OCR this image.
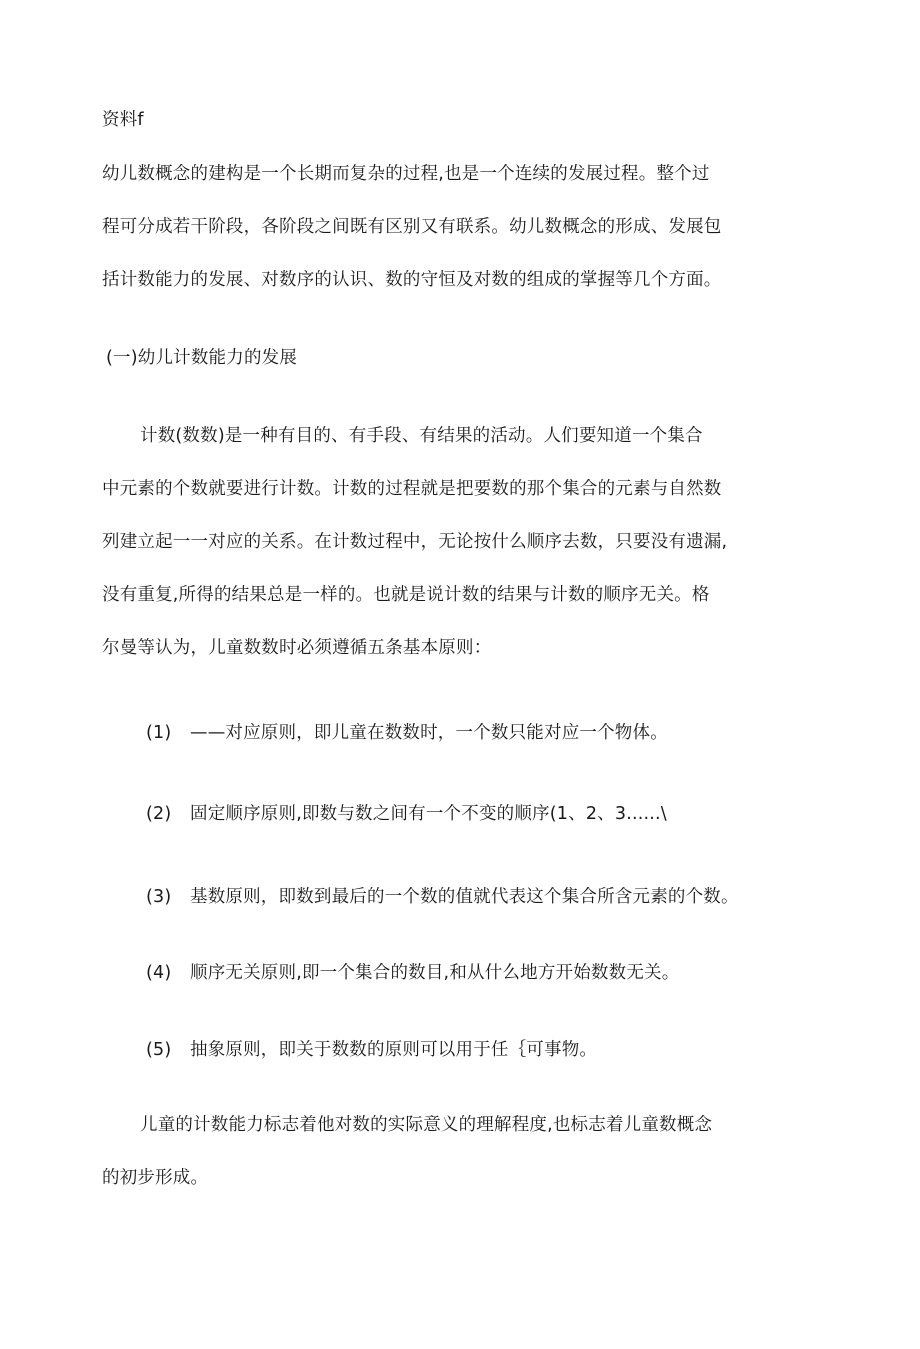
资料f
幼儿数概念的建构是一个长期而复杂的过程,也是一个连续的发展过程。整个过
程可分成若干阶段，各阶段之间既有区别又有联系。幼儿数概念的形成、发展包
括计数能力的发展、对数序的认识、数的守恒及对数的组成的掌握等几个方面。
(一)幼儿计数能力的发展
计数(数数)是一种有目的、有手段、有结果的活动。人们要知道一个集合
中元素的个数就要进行计数。计数的过程就是把要数的那个集合的元素与自然数
列建立起一一对应的关系。在计数过程中，无论按什么顺序去数，只要没有遗漏,
没有重复,所得的结果总是一样的。也就是说计数的结果与计数的顺序无关。格
尔曼等认为，儿童数数时必须遵循五条基本原则：
(1) ——对应原则，即儿童在数数时，一个数只能对应一个物体。
(2) 固定顺序原则,即数与数之间有一个不变的顺序(1、2、3......\
(3) 基数原则，即数到最后的一个数的值就代表这个集合所含元素的个数。
(4) 顺序无关原则,即一个集合的数目,和从什么地方开始数数无关。
(5) 抽象原则，即关于数数的原则可以用于任｛可事物。
儿童的计数能力标志着他对数的实际意义的理解程度,也标志着儿童数概念
的初步形成。
